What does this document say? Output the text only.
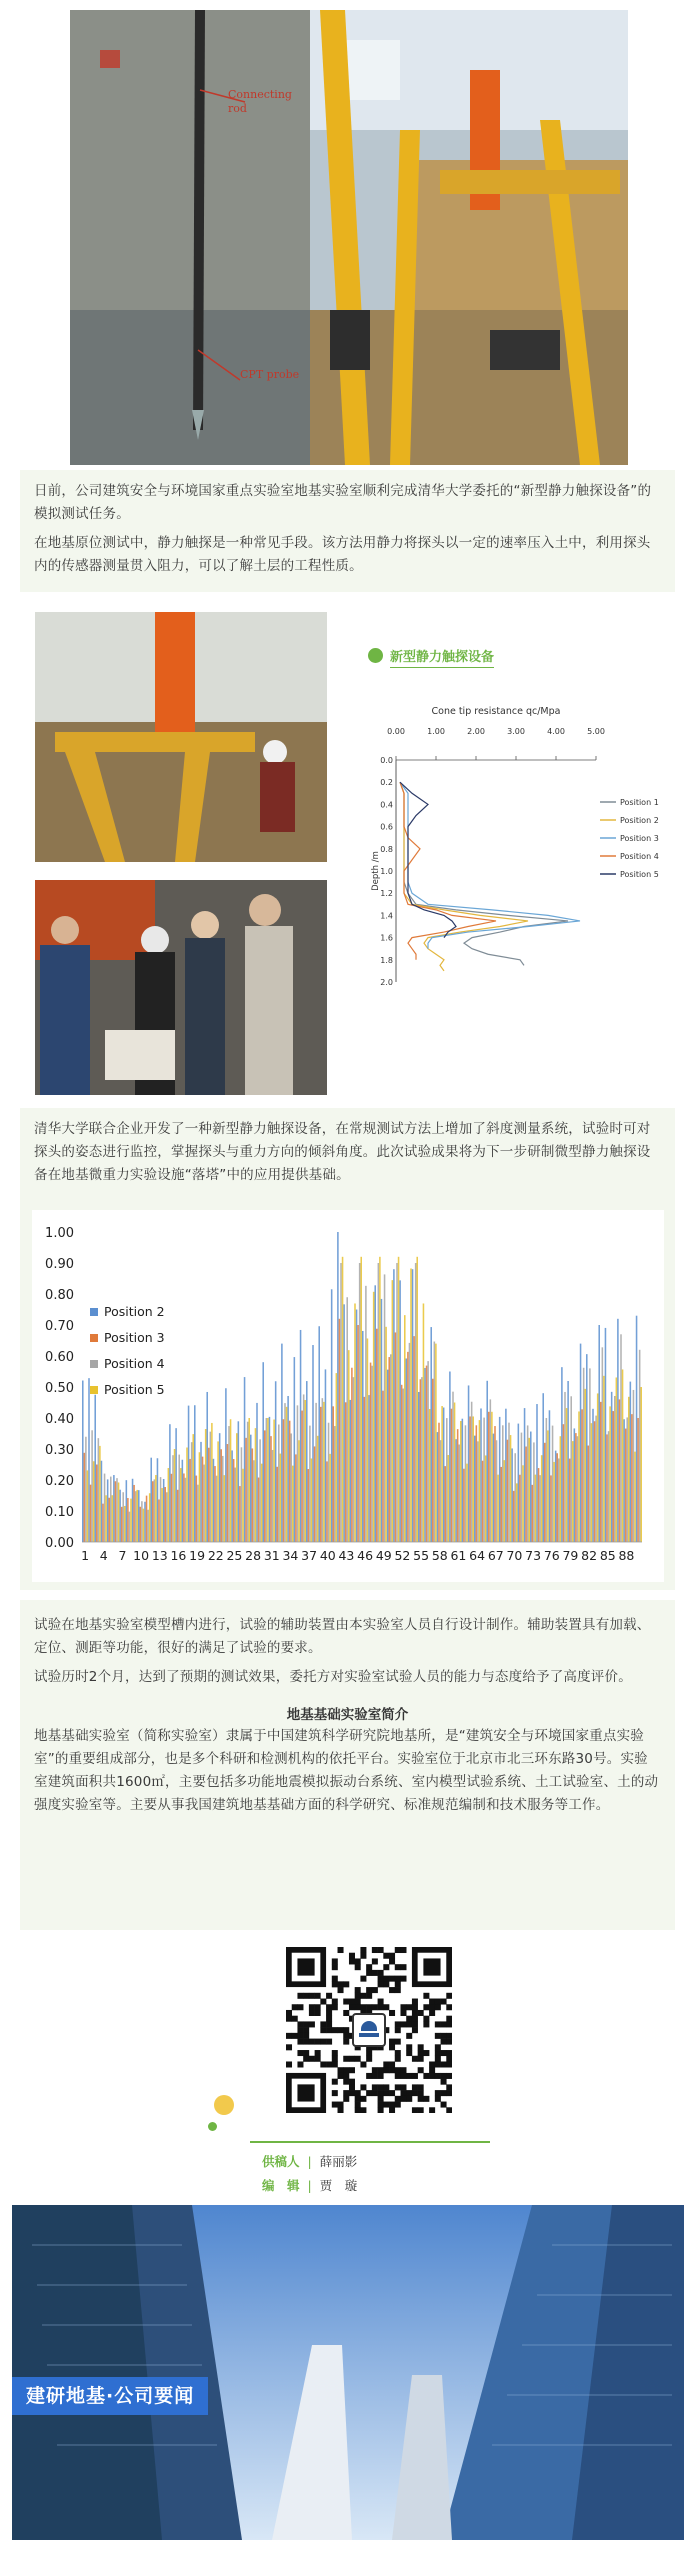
Connecting rod
CPT probe

日前，公司建筑安全与环境国家重点实验室地基实验室顺利完成清华大学委托的“新型静力触探设备”的模拟测试任务。

在地基原位测试中，静力触探是一种常见手段。该方法用静力将探头以一定的速率压入土中，利用探头内的传感器测量贯入阻力，可以了解土层的工程性质。

新型静力触探设备
Cone tip resistance qc/Mpa
0.00	1.00	2.00	3.00	4.00	5.00
0.0
0.2
0.4
0.6
0.8
1.0
1.2
1.4
1.6
1.8
2.0
Depth /m
Position 1
Position 2
Position 3
Position 4
Position 5

清华大学联合企业开发了一种新型静力触探设备，在常规测试方法上增加了斜度测量系统，试验时可对探头的姿态进行监控，掌握探头与重力方向的倾斜角度。此次试验成果将为下一步研制微型静力触探设备在地基微重力实验设施“落塔”中的应用提供基础。

0.00
0.10
0.20
0.30
0.40
0.50
0.60
0.70
0.80
0.90
1.00
1 4 7 10 13 16 19 22 25 28 31 34 37 40 43 46 49 52 55 58 61 64 67 70 73 76 79 82 85 88
Position 2
Position 3
Position 4
Position 5

试验在地基实验室模型槽内进行，试验的辅助装置由本实验室人员自行设计制作。辅助装置具有加载、定位、测距等功能，很好的满足了试验的要求。

试验历时2个月，达到了预期的测试效果，委托方对实验室试验人员的能力与态度给予了高度评价。

地基基础实验室简介

地基基础实验室（简称实验室）隶属于中国建筑科学研究院地基所，是“建筑安全与环境国家重点实验室”的重要组成部分，也是多个科研和检测机构的依托平台。实验室位于北京市北三环东路30号。实验室建筑面积共1600㎡，主要包括多功能地震模拟振动台系统、室内模型试验系统、土工试验室、土的动强度实验室等。主要从事我国建筑地基基础方面的科学研究、标准规范编制和技术服务等工作。

供稿人 | 薛丽影
编　辑 | 贾　璇
建研地基·公司要闻
